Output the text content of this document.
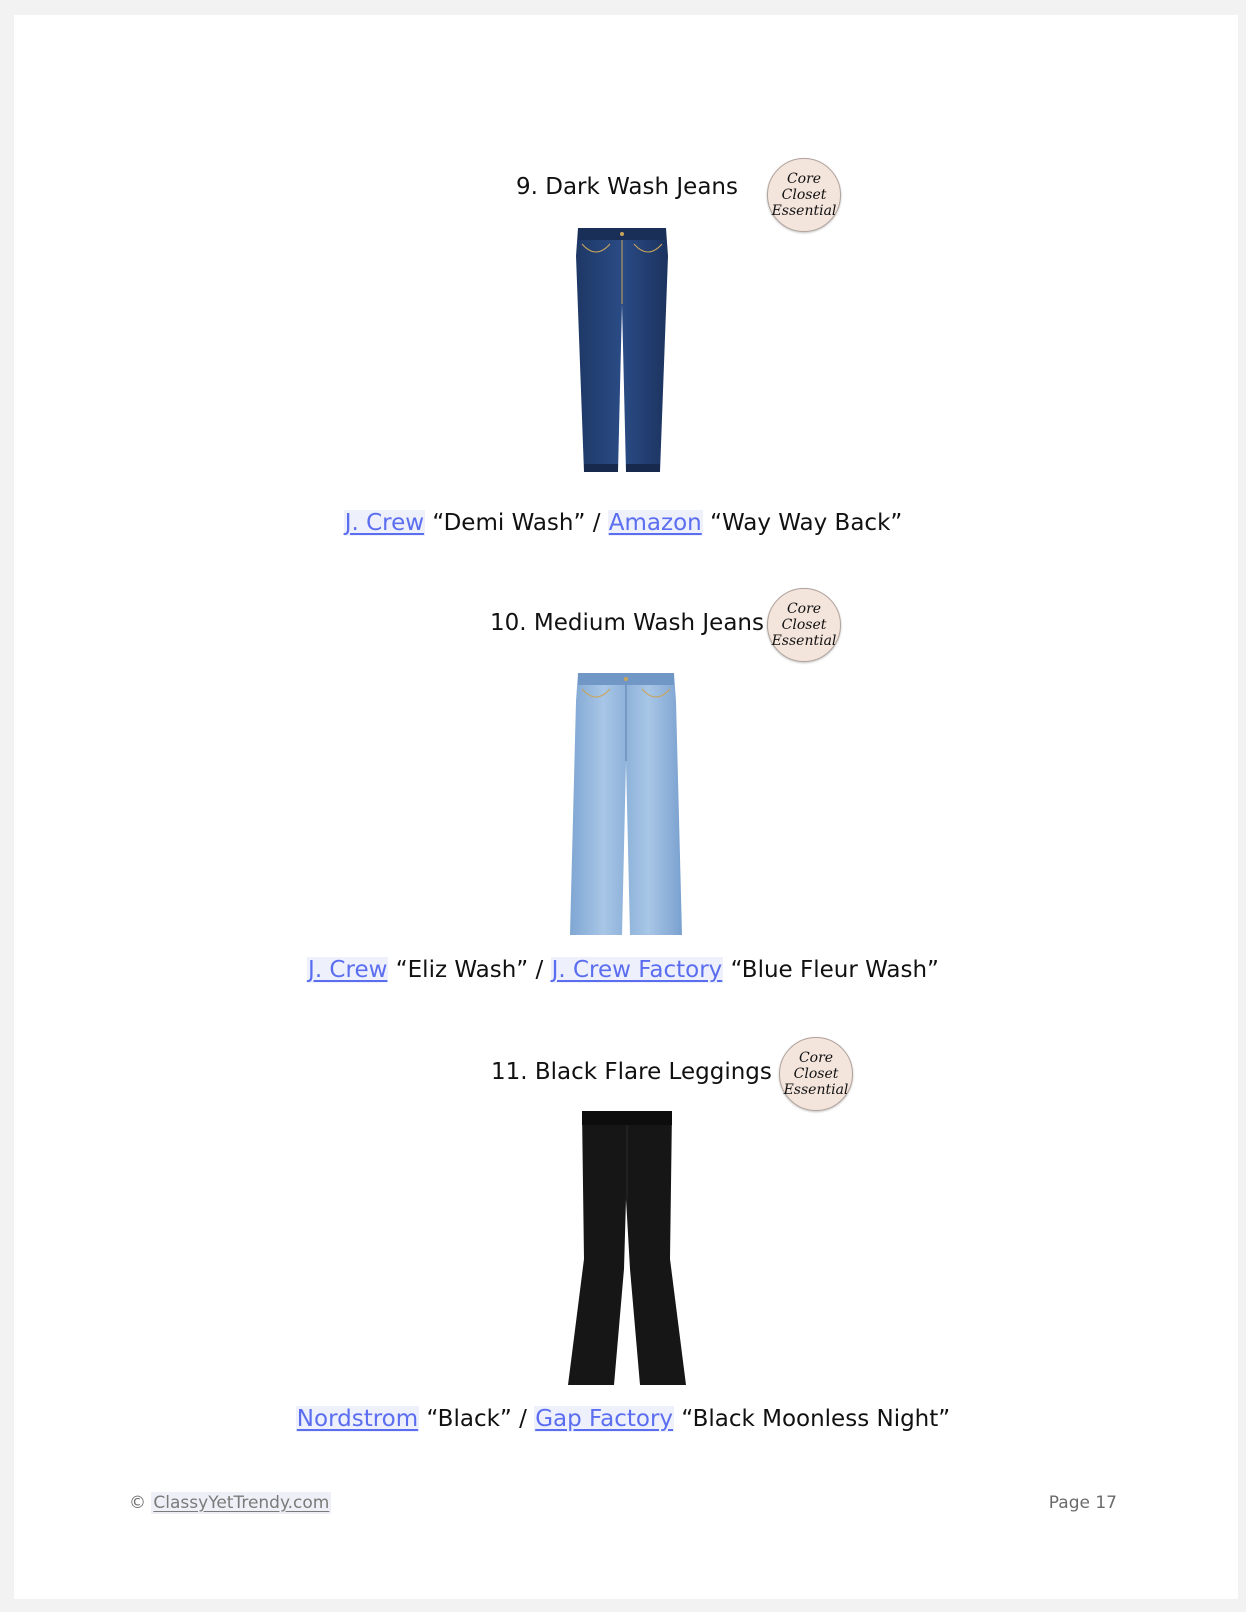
9. Dark Wash Jeans	Core
Closet
Essential
J. Crew “Demi Wash” / Amazon “Way Way Back”
10. Medium Wash Jeans
Core
Closet
Essential
J. Crew “Eliz Wash” / J. Crew Factory “Blue Fleur Wash”
11. Black Flare Leggings
Core
Closet
Essential
Nordstrom “Black” / Gap Factory “Black Moonless Night”
© ClassyYetTrendy.com	Page 17
